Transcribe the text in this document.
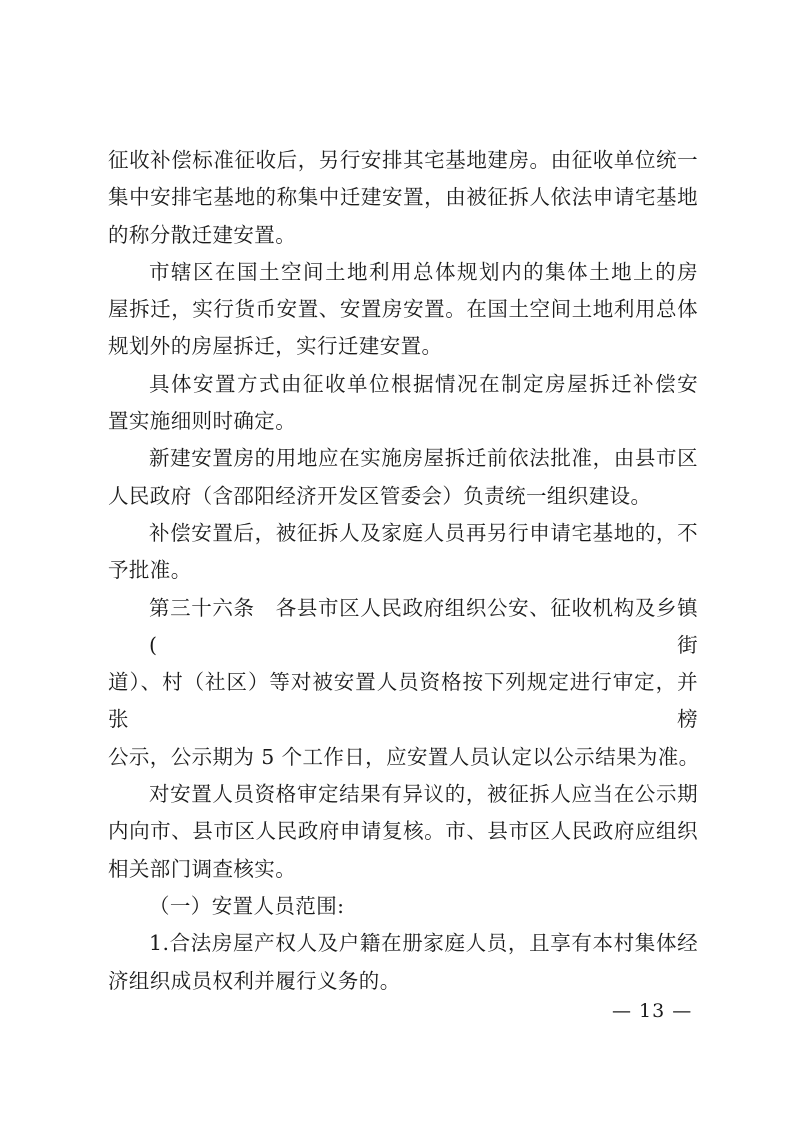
征收补偿标准征收后，另行安排其宅基地建房。由征收单位统一
集中安排宅基地的称集中迁建安置，由被征拆人依法申请宅基地
的称分散迁建安置。

市辖区在国土空间土地利用总体规划内的集体土地上的房
屋拆迁，实行货币安置、安置房安置。在国土空间土地利用总体
规划外的房屋拆迁，实行迁建安置。

具体安置方式由征收单位根据情况在制定房屋拆迁补偿安
置实施细则时确定。

新建安置房的用地应在实施房屋拆迁前依法批准，由县市区
人民政府（含邵阳经济开发区管委会）负责统一组织建设。

补偿安置后，被征拆人及家庭人员再另行申请宅基地的，不
予批准。

第三十六条　各县市区人民政府组织公安、征收机构及乡镇(街
道）、村（社区）等对被安置人员资格按下列规定进行审定，并张榜
公示，公示期为 5 个工作日，应安置人员认定以公示结果为准。

对安置人员资格审定结果有异议的，被征拆人应当在公示期
内向市、县市区人民政府申请复核。市、县市区人民政府应组织
相关部门调查核实。

（一）安置人员范围:

1.合法房屋产权人及户籍在册家庭人员，且享有本村集体经
济组织成员权利并履行义务的。

— 13 —
